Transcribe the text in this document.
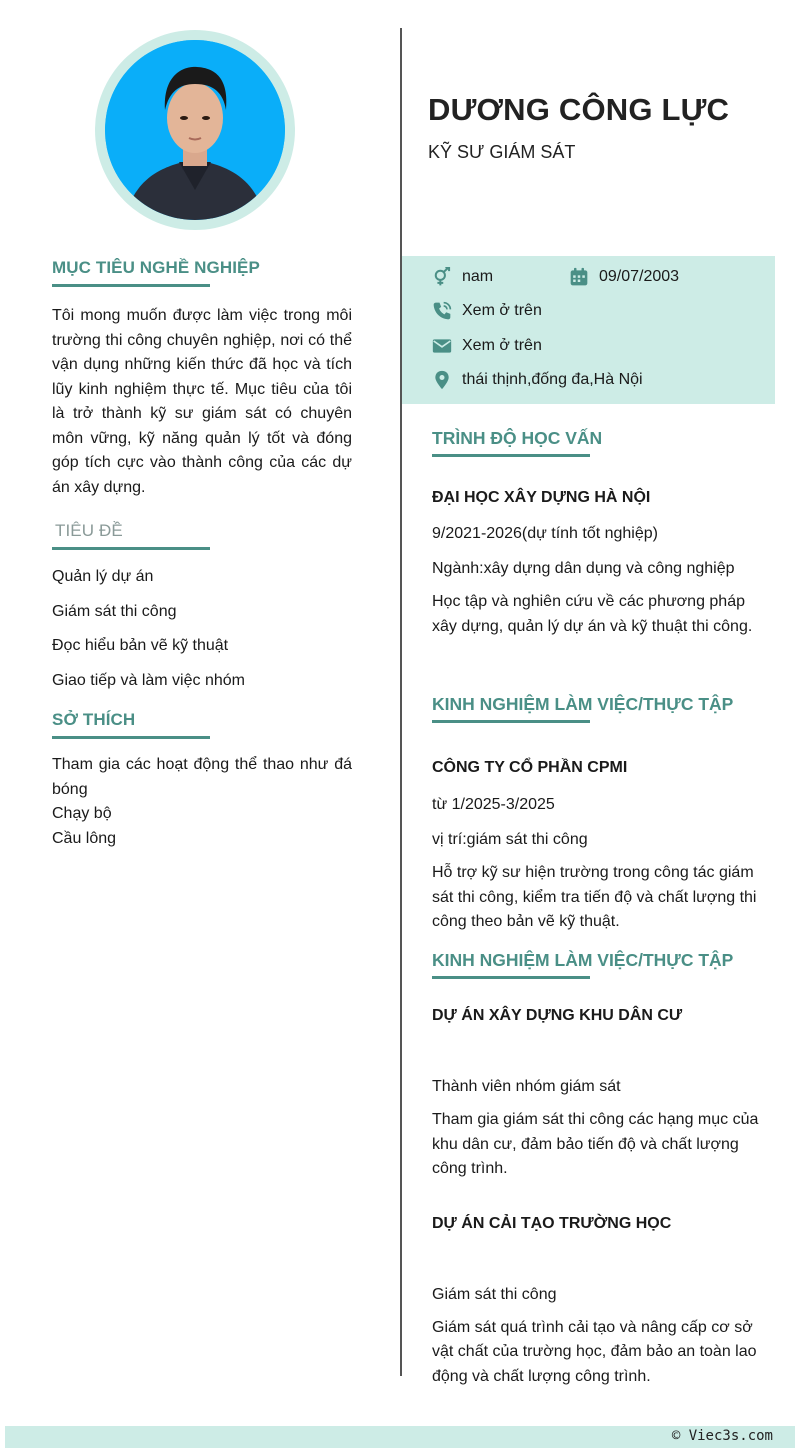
MỤC TIÊU NGHỀ NGHIỆP
Tôi mong muốn được làm việc trong môi trường thi công chuyên nghiệp, nơi có thể vận dụng những kiến thức đã học và tích lũy kinh nghiệm thực tế. Mục tiêu của tôi là trở thành kỹ sư giám sát có chuyên môn vững, kỹ năng quản lý tốt và đóng góp tích cực vào thành công của các dự án xây dựng.
TIÊU ĐỀ
Quản lý dự án
Giám sát thi công
Đọc hiểu bản vẽ kỹ thuật
Giao tiếp và làm việc nhóm
SỞ THÍCH
Tham gia các hoạt động thể thao như đá bóng
Chạy bộ
Cầu lông
DƯƠNG CÔNG LỰC
KỸ SƯ GIÁM SÁT
nam	09/07/2003
Xem ở trên
Xem ở trên
thái thịnh,đống đa,Hà Nội
TRÌNH ĐỘ HỌC VẤN
ĐẠI HỌC XÂY DỰNG HÀ NỘI
9/2021-2026(dự tính tốt nghiệp)
Ngành:xây dựng dân dụng và công nghiệp
Học tập và nghiên cứu về các phương pháp xây dựng, quản lý dự án và kỹ thuật thi công.
KINH NGHIỆM LÀM VIỆC/THỰC TẬP
CÔNG TY CỔ PHẦN CPMI
từ 1/2025-3/2025
vị trí:giám sát thi công
Hỗ trợ kỹ sư hiện trường trong công tác giám sát thi công, kiểm tra tiến độ và chất lượng thi công theo bản vẽ kỹ thuật.
KINH NGHIỆM LÀM VIỆC/THỰC TẬP
DỰ ÁN XÂY DỰNG KHU DÂN CƯ
Thành viên nhóm giám sát
Tham gia giám sát thi công các hạng mục của khu dân cư, đảm bảo tiến độ và chất lượng công trình.
DỰ ÁN CẢI TẠO TRƯỜNG HỌC
Giám sát thi công
Giám sát quá trình cải tạo và nâng cấp cơ sở vật chất của trường học, đảm bảo an toàn lao động và chất lượng công trình.
© Viec3s.com
